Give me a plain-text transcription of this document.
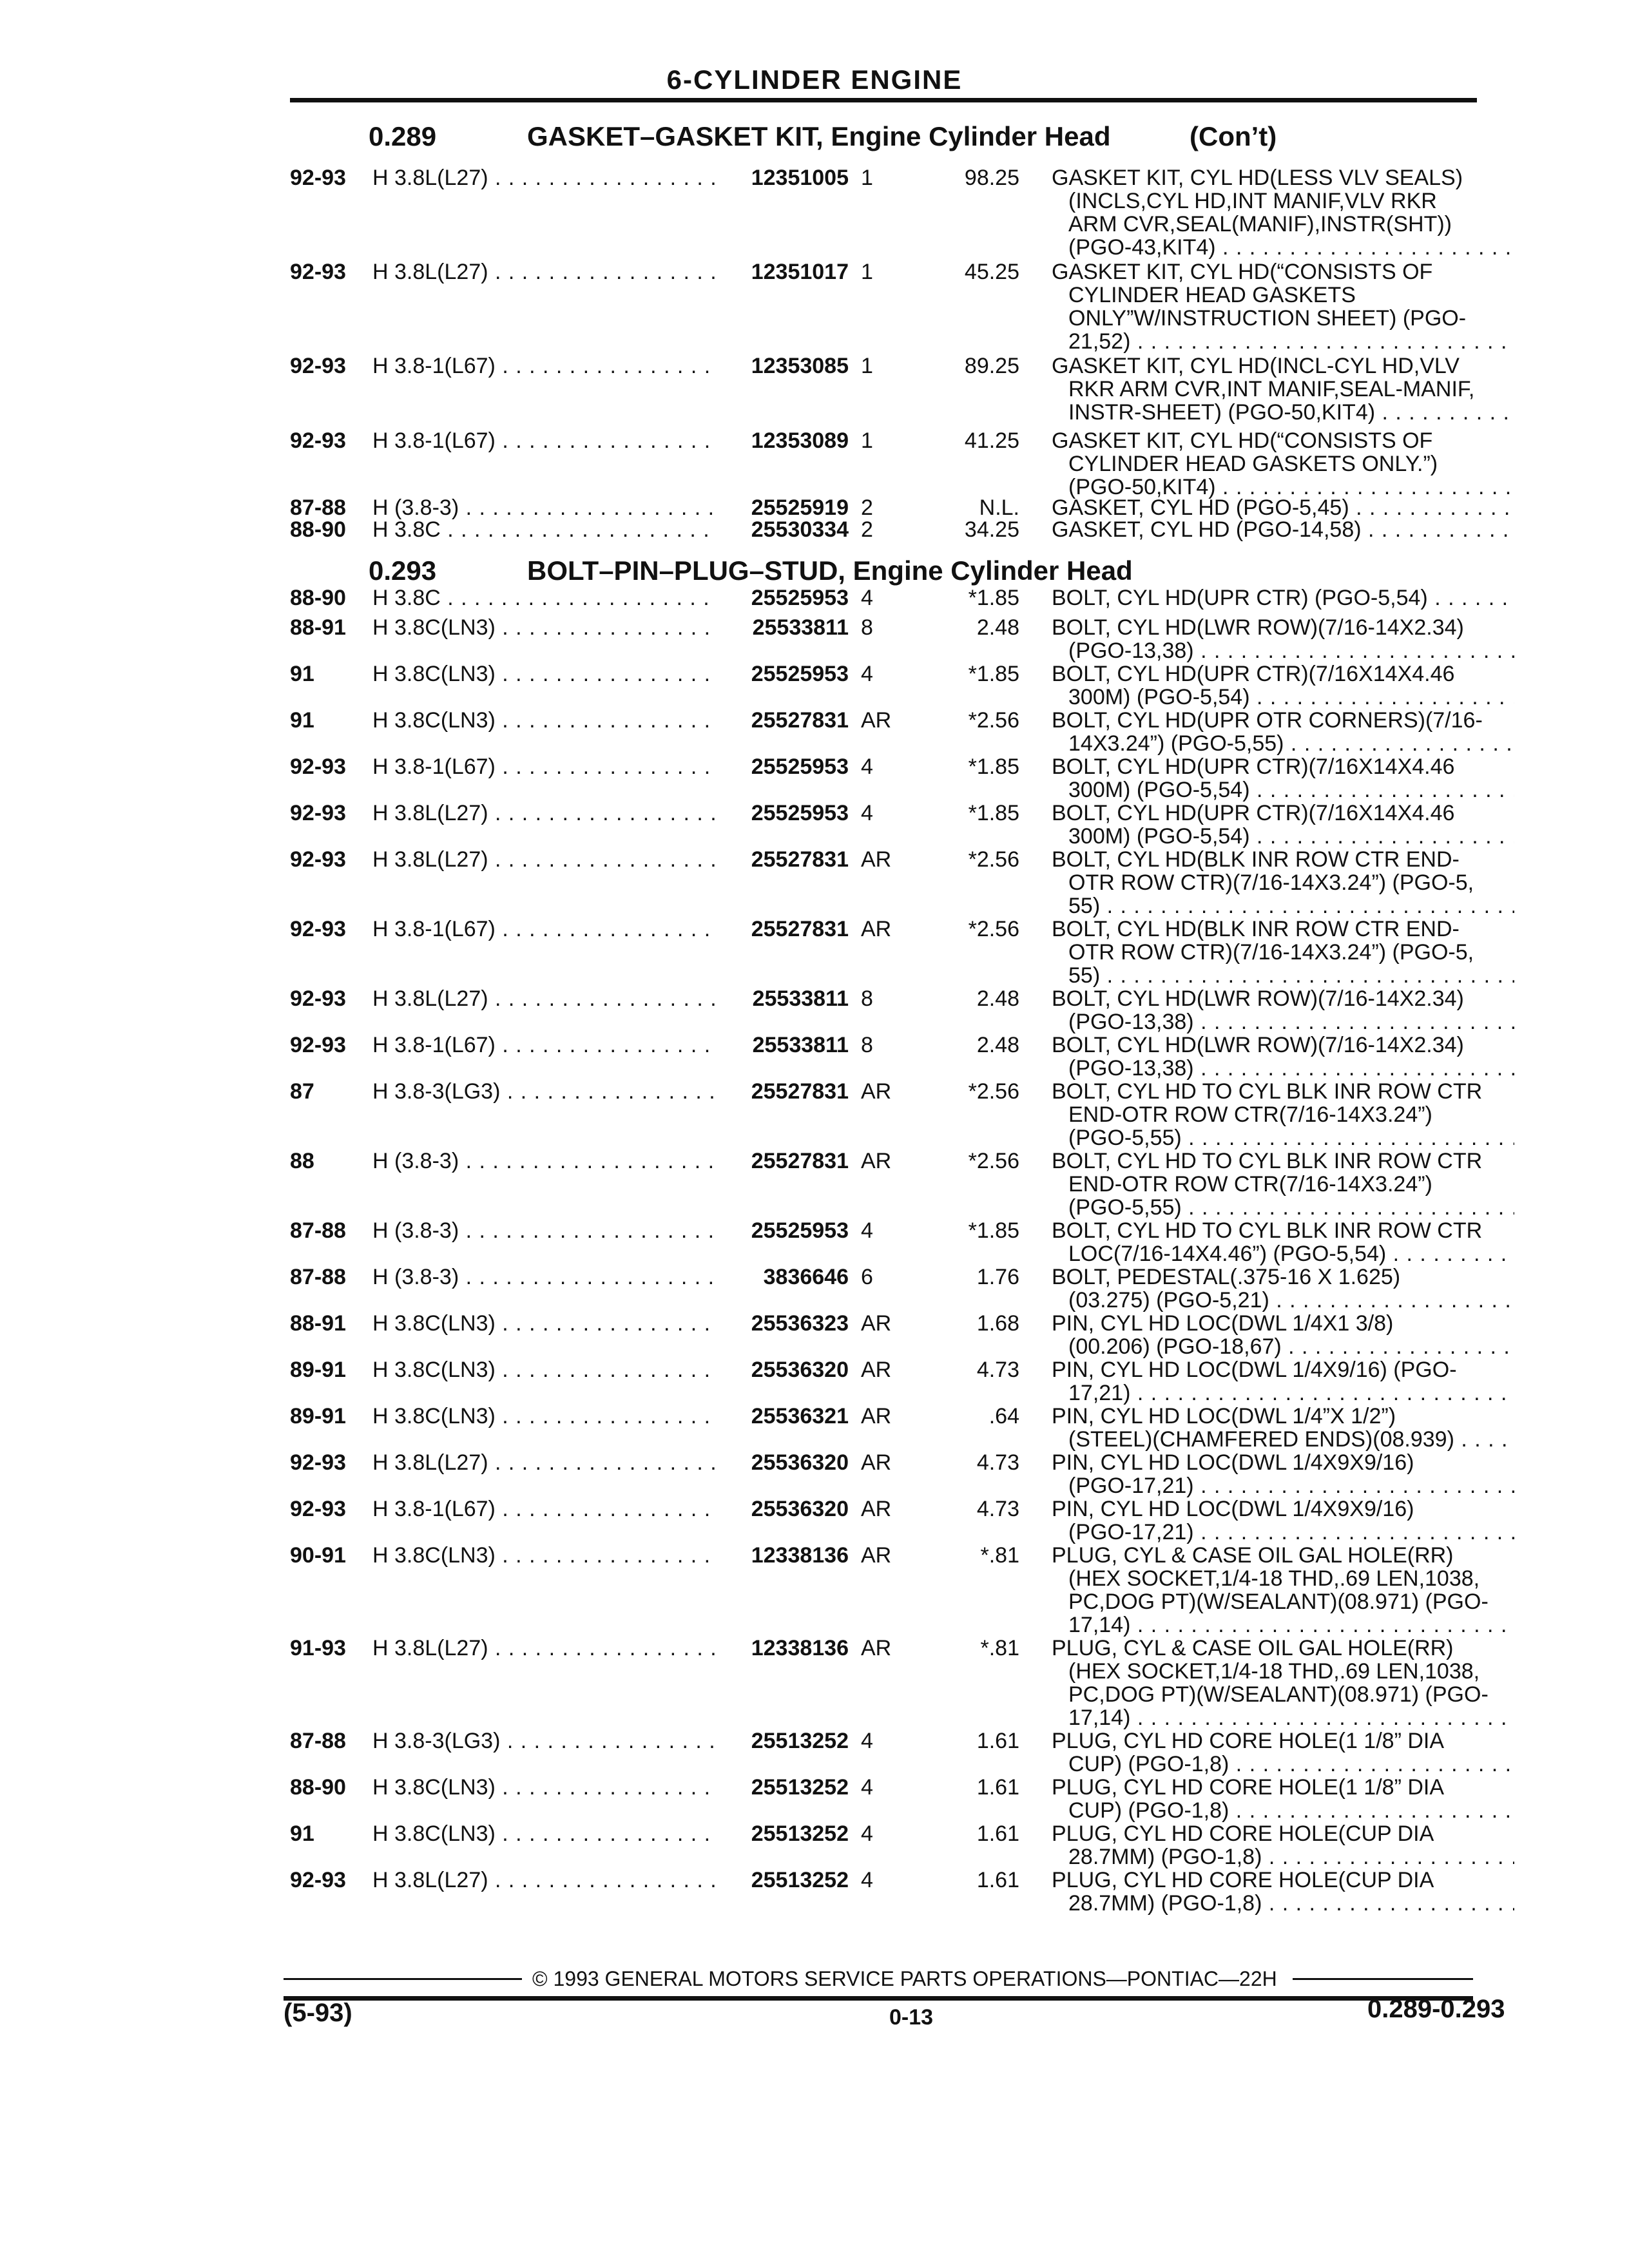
6-CYLINDER ENGINE
0.289	GASKET–GASKET KIT, Engine Cylinder Head	(Con’t)
0.293	BOLT–PIN–PLUG–STUD, Engine Cylinder Head
92-93 H 3.8L(L27) . . .	12351005 1	98.25 GASKET KIT, CYL HD(LESS VLV SEALS)
(INCLS,CYL HD,INT MANIF,VLV RKR
ARM CVR,SEAL(MANIF),INSTR(SHT))
(PGO-43,KIT4) . . .
92-93 H 3.8L(L27) . . .	12351017 1	45.25 GASKET KIT, CYL HD(“CONSISTS OF
CYLINDER HEAD GASKETS
ONLY”W/INSTRUCTION SHEET) (PGO-
21,52) . . .
92-93 H 3.8-1(L67) . . .	12353085 1	89.25 GASKET KIT, CYL HD(INCL-CYL HD,VLV
RKR ARM CVR,INT MANIF,SEAL-MANIF,
INSTR-SHEET) (PGO-50,KIT4) . . .
92-93 H 3.8-1(L67) . . .	12353089 1	41.25 GASKET KIT, CYL HD(“CONSISTS OF
CYLINDER HEAD GASKETS ONLY.”)
(PGO-50,KIT4) . . .
87-88 H (3.8-3) . . .	25525919 2	N.L. GASKET, CYL HD (PGO-5,45) . . .
88-90 H 3.8C . . .	25530334 2	34.25 GASKET, CYL HD (PGO-14,58) . . .
88-90 H 3.8C . . .	25525953 4	*1.85 BOLT, CYL HD(UPR CTR) (PGO-5,54) . . .
88-91 H 3.8C(LN3) . . .	25533811 8	2.48 BOLT, CYL HD(LWR ROW)(7/16-14X2.34)
(PGO-13,38) . . .
91	H 3.8C(LN3) . . .	25525953 4	*1.85 BOLT, CYL HD(UPR CTR)(7/16X14X4.46
300M) (PGO-5,54) . . .
91	H 3.8C(LN3) . . .	25527831 AR	*2.56 BOLT, CYL HD(UPR OTR CORNERS)(7/16-
14X3.24”) (PGO-5,55) . . .
92-93 H 3.8-1(L67) . . .	25525953 4	*1.85 BOLT, CYL HD(UPR CTR)(7/16X14X4.46
300M) (PGO-5,54) . . .
92-93 H 3.8L(L27) . . .	25525953 4	*1.85 BOLT, CYL HD(UPR CTR)(7/16X14X4.46
300M) (PGO-5,54) . . .
92-93 H 3.8L(L27) . . .	25527831 AR	*2.56 BOLT, CYL HD(BLK INR ROW CTR END-
OTR ROW CTR)(7/16-14X3.24”) (PGO-5,
55) . . .
92-93 H 3.8-1(L67) . . .	25527831 AR	*2.56 BOLT, CYL HD(BLK INR ROW CTR END-
OTR ROW CTR)(7/16-14X3.24”) (PGO-5,
55) . . .
92-93 H 3.8L(L27) . . .	25533811 8	2.48 BOLT, CYL HD(LWR ROW)(7/16-14X2.34)
(PGO-13,38) . . .
92-93 H 3.8-1(L67) . . .	25533811 8	2.48 BOLT, CYL HD(LWR ROW)(7/16-14X2.34)
(PGO-13,38) . . .
87	H 3.8-3(LG3) . . .	25527831 AR	*2.56 BOLT, CYL HD TO CYL BLK INR ROW CTR
END-OTR ROW CTR(7/16-14X3.24”)
(PGO-5,55) . . .
88	H (3.8-3) . . .	25527831 AR	*2.56 BOLT, CYL HD TO CYL BLK INR ROW CTR
END-OTR ROW CTR(7/16-14X3.24”)
(PGO-5,55) . . .
87-88 H (3.8-3) . . .	25525953 4	*1.85 BOLT, CYL HD TO CYL BLK INR ROW CTR
LOC(7/16-14X4.46”) (PGO-5,54) . . .
87-88 H (3.8-3) . . .	3836646 6	1.76 BOLT, PEDESTAL(.375-16 X 1.625)
(03.275) (PGO-5,21) . . .
88-91 H 3.8C(LN3) . . .	25536323 AR	1.68 PIN, CYL HD LOC(DWL 1/4X1 3/8)
(00.206) (PGO-18,67) . . .
89-91 H 3.8C(LN3) . . .	25536320 AR	4.73 PIN, CYL HD LOC(DWL 1/4X9/16) (PGO-
17,21) . . .
89-91 H 3.8C(LN3) . . .	25536321 AR	.64 PIN, CYL HD LOC(DWL 1/4”X 1/2”)
(STEEL)(CHAMFERED ENDS)(08.939) . . .
92-93 H 3.8L(L27) . . .	25536320 AR	4.73 PIN, CYL HD LOC(DWL 1/4X9X9/16)
(PGO-17,21) . . .
92-93 H 3.8-1(L67) . . .	25536320 AR	4.73 PIN, CYL HD LOC(DWL 1/4X9X9/16)
(PGO-17,21) . . .
90-91 H 3.8C(LN3) . . .	12338136 AR	*.81 PLUG, CYL & CASE OIL GAL HOLE(RR)
(HEX SOCKET,1/4-18 THD,.69 LEN,1038,
PC,DOG PT)(W/SEALANT)(08.971) (PGO-
17,14) . . .
91-93 H 3.8L(L27) . . .	12338136 AR	*.81 PLUG, CYL & CASE OIL GAL HOLE(RR)
(HEX SOCKET,1/4-18 THD,.69 LEN,1038,
PC,DOG PT)(W/SEALANT)(08.971) (PGO-
17,14) . . .
87-88 H 3.8-3(LG3) . . .	25513252 4	1.61 PLUG, CYL HD CORE HOLE(1 1/8” DIA
CUP) (PGO-1,8) . . .
88-90 H 3.8C(LN3) . . .	25513252 4	1.61 PLUG, CYL HD CORE HOLE(1 1/8” DIA
CUP) (PGO-1,8) . . .
91	H 3.8C(LN3) . . .	25513252 4	1.61 PLUG, CYL HD CORE HOLE(CUP DIA
28.7MM) (PGO-1,8) . . .
92-93 H 3.8L(L27) . . .	25513252 4	1.61 PLUG, CYL HD CORE HOLE(CUP DIA
28.7MM) (PGO-1,8) . . .
© 1993 GENERAL MOTORS SERVICE PARTS OPERATIONS—PONTIAC—22H
(5-93)	0-13	0.289-0.293
